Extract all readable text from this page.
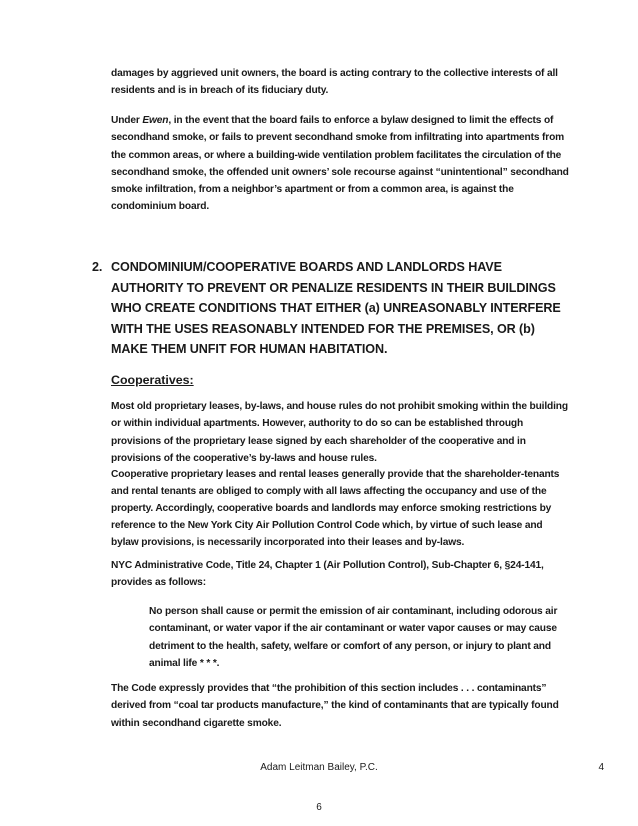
damages by aggrieved unit owners, the board is acting contrary to the collective interests of all residents and is in breach of its fiduciary duty.

Under Ewen, in the event that the board fails to enforce a bylaw designed to limit the effects of secondhand smoke, or fails to prevent secondhand smoke from infiltrating into apartments from the common areas, or where a building-wide ventilation problem facilitates the circulation of the secondhand smoke, the offended unit owners’ sole recourse against “unintentional” secondhand smoke infiltration, from a neighbor’s apartment or from a common area, is against the condominium board.

2. CONDOMINIUM/COOPERATIVE BOARDS AND LANDLORDS HAVE AUTHORITY TO PREVENT OR PENALIZE RESIDENTS IN THEIR BUILDINGS WHO CREATE CONDITIONS THAT EITHER (a) UNREASONABLY INTERFERE WITH THE USES REASONABLY INTENDED FOR THE PREMISES, OR (b) MAKE THEM UNFIT FOR HUMAN HABITATION.

Cooperatives:

Most old proprietary leases, by-laws, and house rules do not prohibit smoking within the building or within individual apartments. However, authority to do so can be established through provisions of the proprietary lease signed by each shareholder of the cooperative and in provisions of the cooperative’s by-laws and house rules.

Cooperative proprietary leases and rental leases generally provide that the shareholder-tenants and rental tenants are obliged to comply with all laws affecting the occupancy and use of the property. Accordingly, cooperative boards and landlords may enforce smoking restrictions by reference to the New York City Air Pollution Control Code which, by virtue of such lease and bylaw provisions, is necessarily incorporated into their leases and by-laws.

NYC Administrative Code, Title 24, Chapter 1 (Air Pollution Control), Sub-Chapter 6, §24-141, provides as follows:

No person shall cause or permit the emission of air contaminant, including odorous air contaminant, or water vapor if the air contaminant or water vapor causes or may cause detriment to the health, safety, welfare or comfort of any person, or injury to plant and animal life * * *.

The Code expressly provides that “the prohibition of this section includes . . . contaminants” derived from “coal tar products manufacture,” the kind of contaminants that are typically found within secondhand cigarette smoke.

Adam Leitman Bailey, P.C.	4
6
